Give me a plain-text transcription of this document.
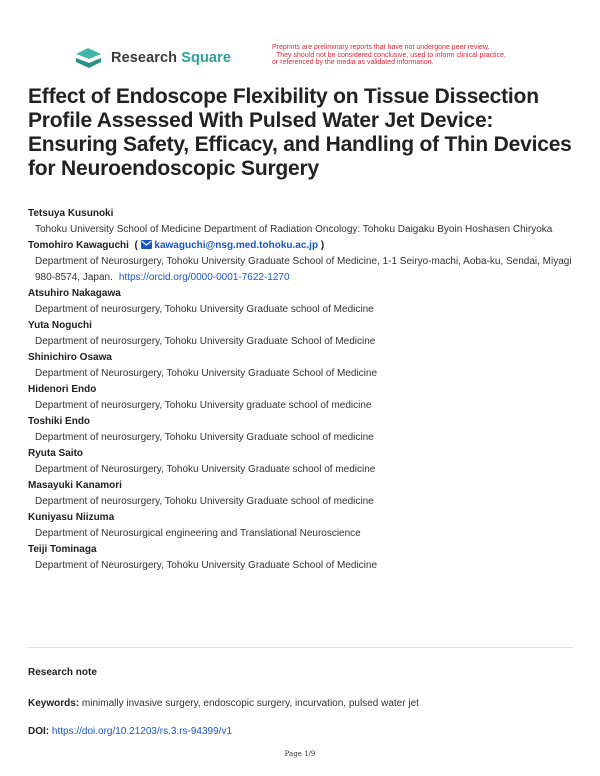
Research Square
Preprints are preliminary reports that have not undergone peer review.
They should not be considered conclusive, used to inform clinical practice,
or referenced by the media as validated information.
Effect of Endoscope Flexibility on Tissue Dissection Profile Assessed With Pulsed Water Jet Device: Ensuring Safety, Efficacy, and Handling of Thin Devices for Neuroendoscopic Surgery
Tetsuya Kusunoki
Tohoku University School of Medicine Department of Radiation Oncology: Tohoku Daigaku Byoin Hoshasen Chiryoka
Tomohiro Kawaguchi  (  kawaguchi@nsg.med.tohoku.ac.jp )
Department of Neurosurgery, Tohoku University Graduate School of Medicine, 1-1 Seiryo-machi, Aoba-ku, Sendai, Miyagi 980-8574, Japan. https://orcid.org/0000-0001-7622-1270
Atsuhiro Nakagawa
Department of neurosurgery, Tohoku University Graduate school of Medicine
Yuta Noguchi
Department of neurosurgery, Tohoku University Graduate School of Medicine
Shinichiro Osawa
Department of Neurosurgery, Tohoku University Graduate School of Medicine
Hidenori Endo
Department of neurosurgery, Tohoku University graduate school of medicine
Toshiki Endo
Department of neurosurgery, Tohoku University Graduate school of medicine
Ryuta Saito
Department of Neurosurgery, Tohoku University Graduate school of medicine
Masayuki Kanamori
Department of neurosurgery, Tohoku University Graduate school of medicine
Kuniyasu Niizuma
Department of Neurosurgical engineering and Translational Neuroscience
Teiji Tominaga
Department of Neurosurgery, Tohoku University Graduate School of Medicine
Research note
Keywords: minimally invasive surgery, endoscopic surgery, incurvation, pulsed water jet
DOI: https://doi.org/10.21203/rs.3.rs-94399/v1
Page 1/9
